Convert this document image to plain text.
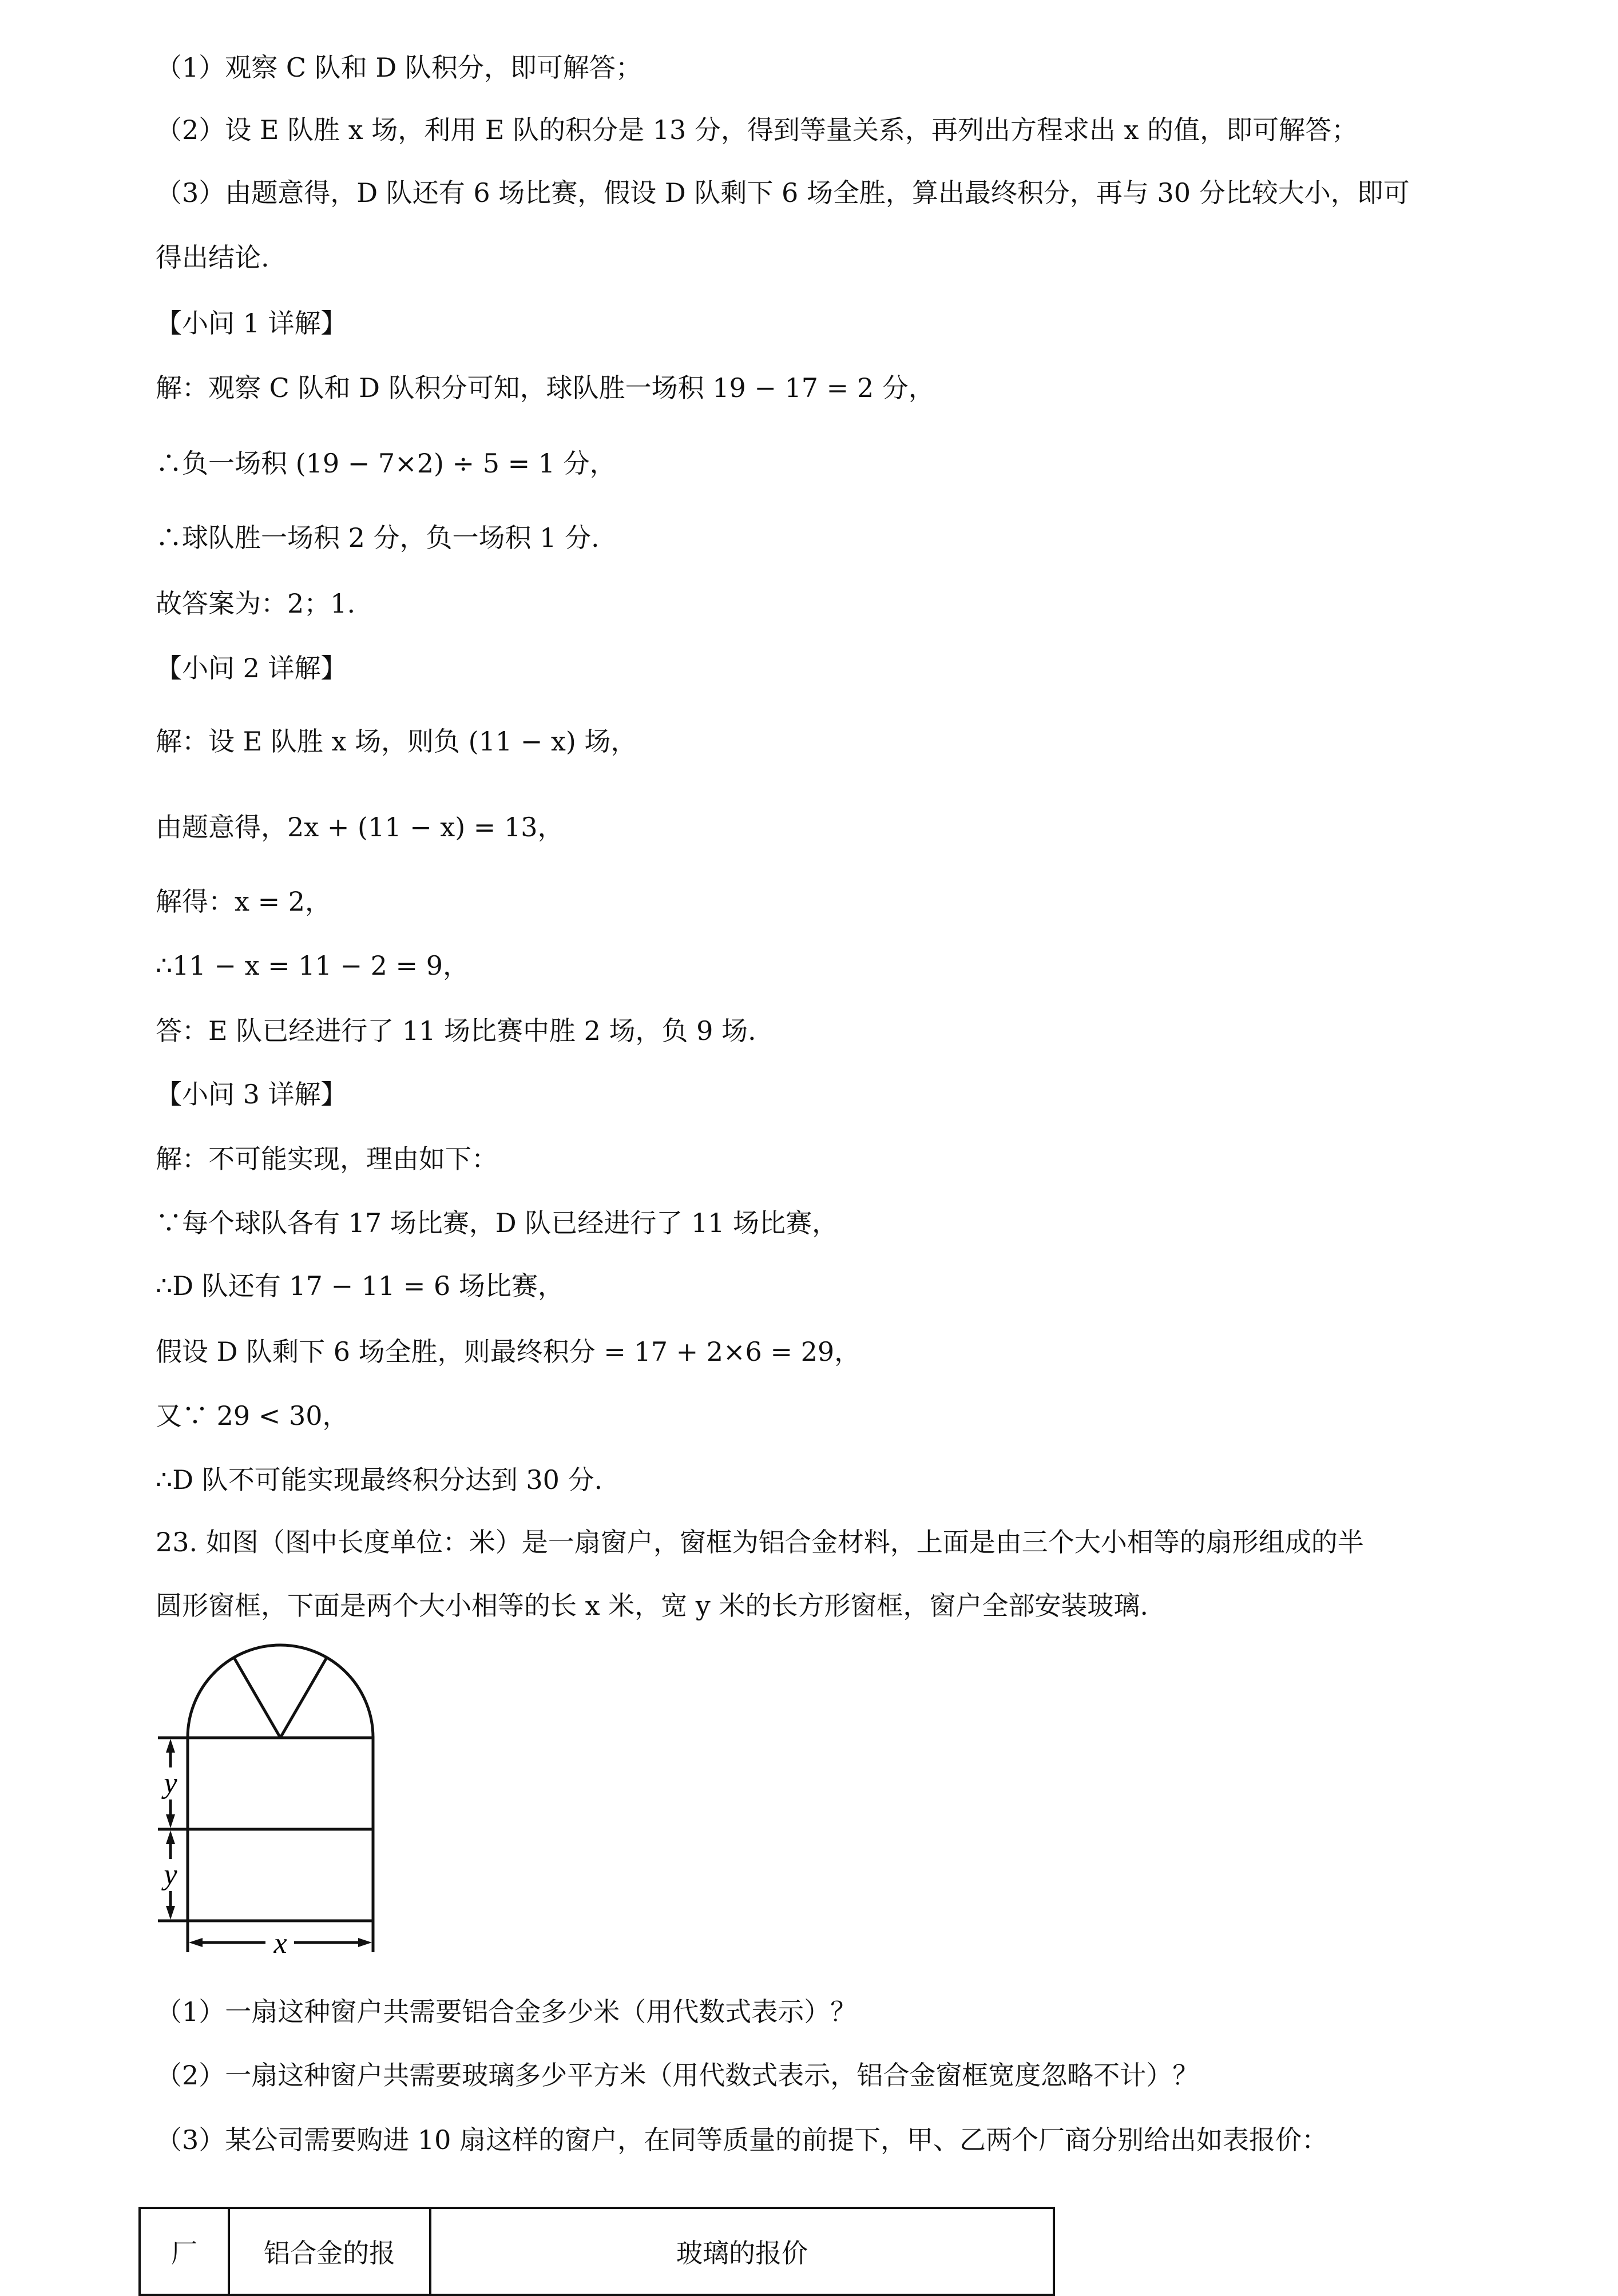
（1）观察 C 队和 D 队积分，即可解答；
（2）设 E 队胜 x 场，利用 E 队的积分是 13 分，得到等量关系，再列出方程求出 x 的值，即可解答；
（3）由题意得，D 队还有 6 场比赛，假设 D 队剩下 6 场全胜，算出最终积分，再与 30 分比较大小，即可
得出结论.
【小问 1 详解】
解：观察 C 队和 D 队积分可知，球队胜一场积 19 − 17 = 2 分，
∴负一场积 (19 − 7×2) ÷ 5 = 1 分，
∴球队胜一场积 2 分，负一场积 1 分.
故答案为：2；1.
【小问 2 详解】
解：设 E 队胜 x 场，则负 (11 − x) 场，
由题意得，2x + (11 − x) = 13，
解得：x = 2，
∴11 − x = 11 − 2 = 9，
答：E 队已经进行了 11 场比赛中胜 2 场，负 9 场.
【小问 3 详解】
解：不可能实现，理由如下：
∵每个球队各有 17 场比赛，D 队已经进行了 11 场比赛，
∴D 队还有 17 − 11 = 6 场比赛，
假设 D 队剩下 6 场全胜，则最终积分 = 17 + 2×6 = 29，
又∵ 29 < 30，
∴D 队不可能实现最终积分达到 30 分.
23. 如图（图中长度单位：米）是一扇窗户，窗框为铝合金材料，上面是由三个大小相等的扇形组成的半
圆形窗框，下面是两个大小相等的长 x 米，宽 y 米的长方形窗框，窗户全部安装玻璃.
y
y
x
（1）一扇这种窗户共需要铝合金多少米（用代数式表示）？
（2）一扇这种窗户共需要玻璃多少平方米（用代数式表示，铝合金窗框宽度忽略不计）？
（3）某公司需要购进 10 扇这样的窗户，在同等质量的前提下，甲、乙两个厂商分别给出如表报价：
厂	铝合金的报	玻璃的报价
